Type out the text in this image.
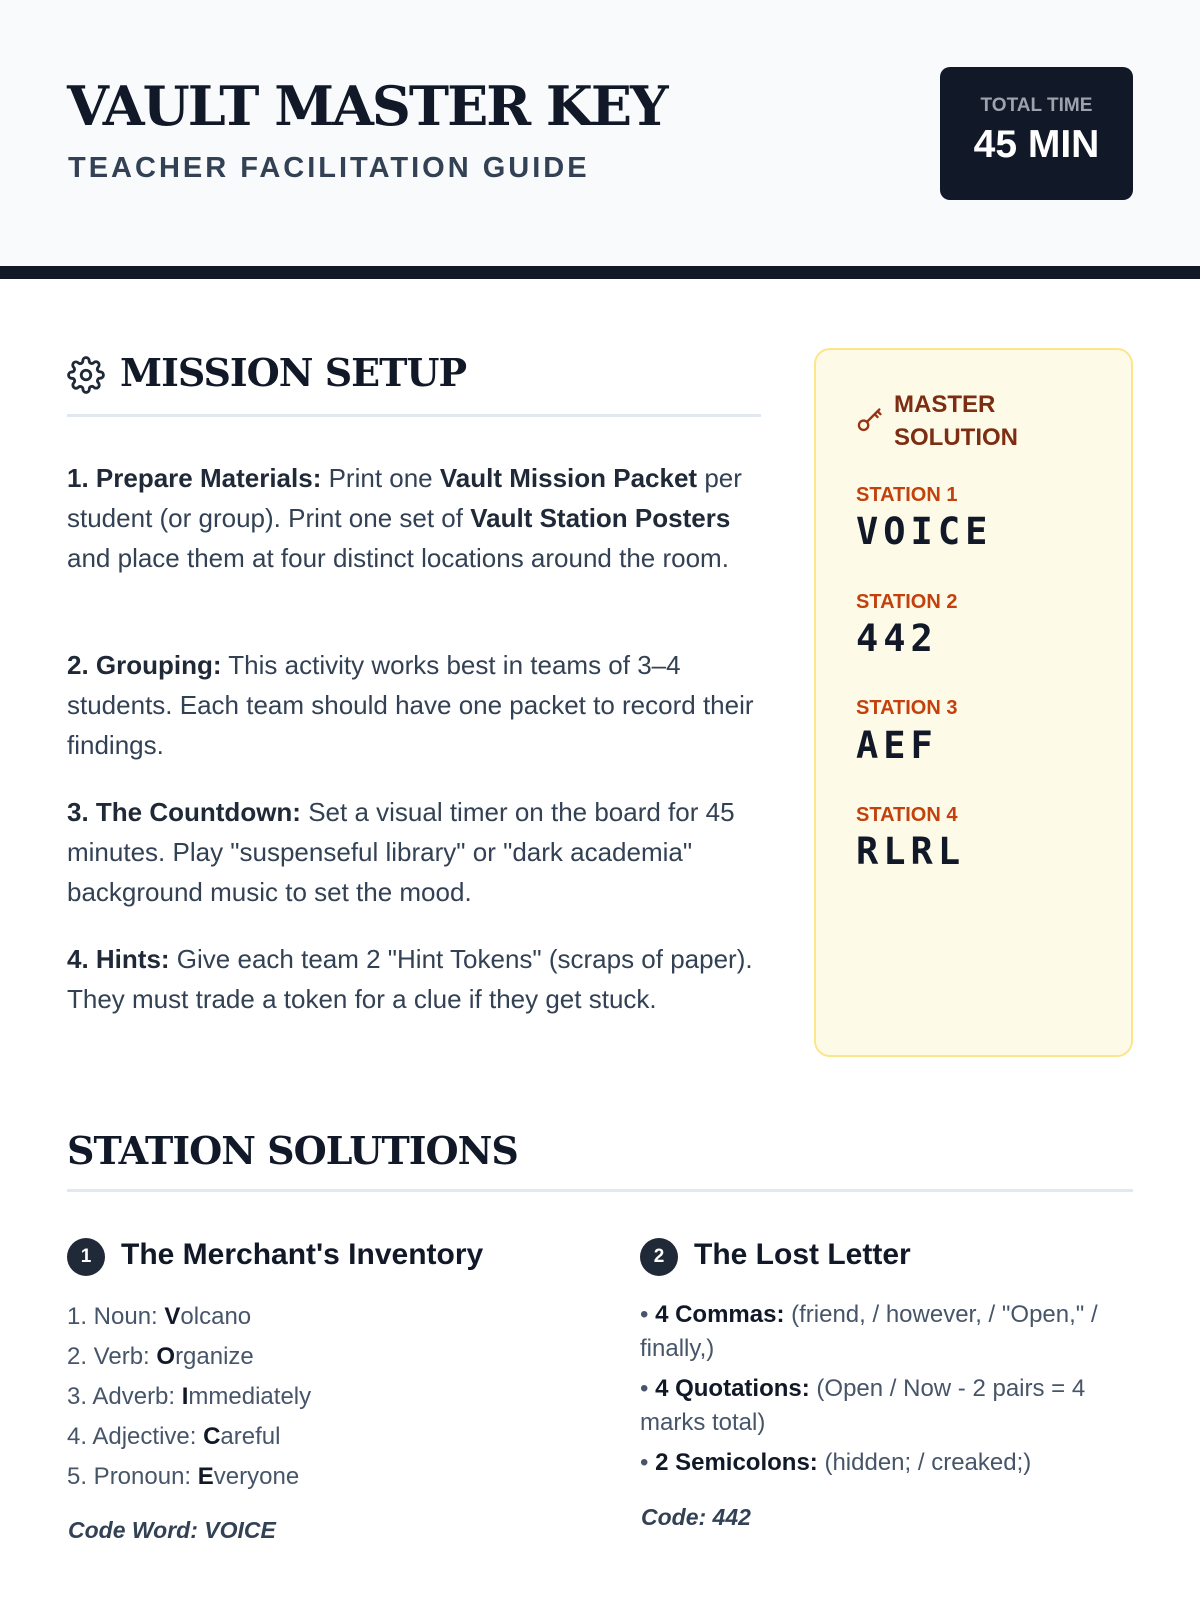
VAULT MASTER KEY
TEACHER FACILITATION GUIDE
TOTAL TIME
45 MIN
MISSION SETUP
1. Prepare Materials: Print one Vault Mission Packet per student (or group). Print one set of Vault Station Posters and place them at four distinct locations around the room.
2. Grouping: This activity works best in teams of 3–4 students. Each team should have one packet to record their findings.
3. The Countdown: Set a visual timer on the board for 45 minutes. Play "suspenseful library" or "dark academia" background music to set the mood.
4. Hints: Give each team 2 "Hint Tokens" (scraps of paper). They must trade a token for a clue if they get stuck.
MASTER
SOLUTION
STATION 1
VOICE
STATION 2
442
STATION 3
AEF
STATION 4
RLRL
STATION SOLUTIONS
1 The Merchant's Inventory
1. Noun: Volcano
2. Verb: Organize
3. Adverb: Immediately
4. Adjective: Careful
5. Pronoun: Everyone
Code Word: VOICE
2 The Lost Letter
• 4 Commas: (friend, / however, / "Open," / finally,)
• 4 Quotations: (Open / Now - 2 pairs = 4 marks total)
• 2 Semicolons: (hidden; / creaked;)
Code: 442
